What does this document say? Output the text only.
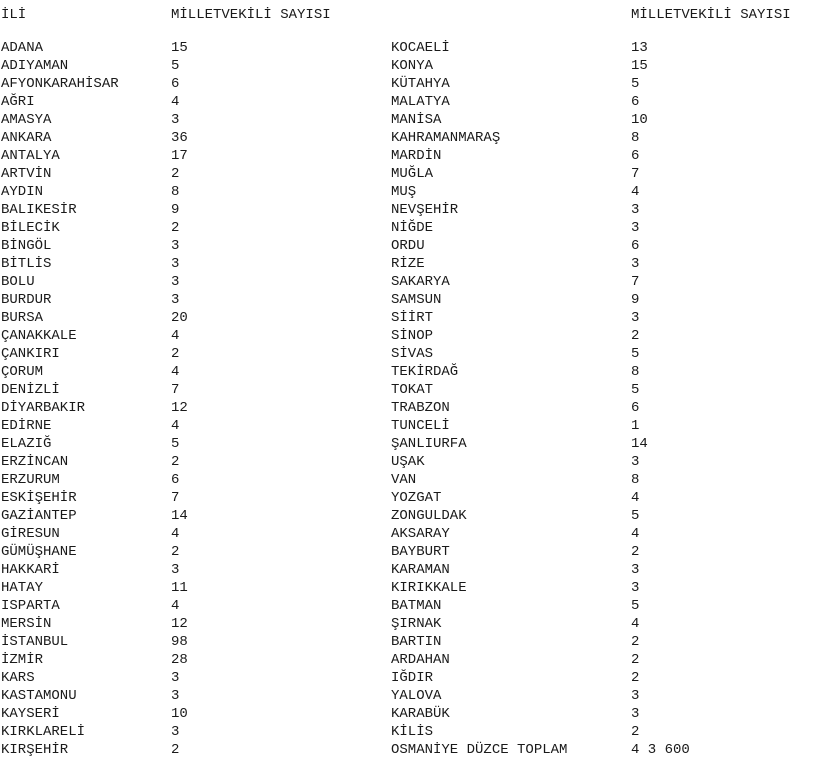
İLİ

	MİLLETVEKİLİ SAYISI

	MİLLETVEKİLİ SAYISI

ADANA	15
ADIYAMAN	5
AFYONKARAHİSAR	6
AĞRI	4
AMASYA	3
ANKARA	36
ANTALYA	17
ARTVİN	2
AYDIN	8
BALIKESİR	9
BİLECİK	2
BİNGÖL	3
BİTLİS	3
BOLU	3
BURDUR	3
BURSA	20
ÇANAKKALE	4
ÇANKIRI	2
ÇORUM	4
DENİZLİ	7
DİYARBAKIR	12
EDİRNE	4
ELAZIĞ	5
ERZİNCAN	2
ERZURUM	6
ESKİŞEHİR	7
GAZİANTEP	14
GİRESUN	4
GÜMÜŞHANE	2
HAKKARİ	3
HATAY	11
ISPARTA	4
MERSİN	12
İSTANBUL	98
İZMİR	28
KARS	3
KASTAMONU	3
KAYSERİ	10
KIRKLARELİ	3
KIRŞEHİR	2
KOCAELİ	13
KONYA	15
KÜTAHYA	5
MALATYA	6
MANİSA	10
KAHRAMANMARAŞ	8
MARDİN	6
MUĞLA	7
MUŞ	4
NEVŞEHİR	3
NİĞDE	3
ORDU	6
RİZE	3
SAKARYA	7
SAMSUN	9
SİİRT	3
SİNOP	2
SİVAS	5
TEKİRDAĞ	8
TOKAT	5
TRABZON	6
TUNCELİ	1
ŞANLIURFA	14
UŞAK	3
VAN	8
YOZGAT	4
ZONGULDAK	5
AKSARAY	4
BAYBURT	2
KARAMAN	3
KIRIKKALE	3
BATMAN	5
ŞIRNAK	4
BARTIN	2
ARDAHAN	2
IĞDIR	2
YALOVA	3
KARABÜK	3
KİLİS	2
OSMANİYE DÜZCE TOPLAM	4 3 600
